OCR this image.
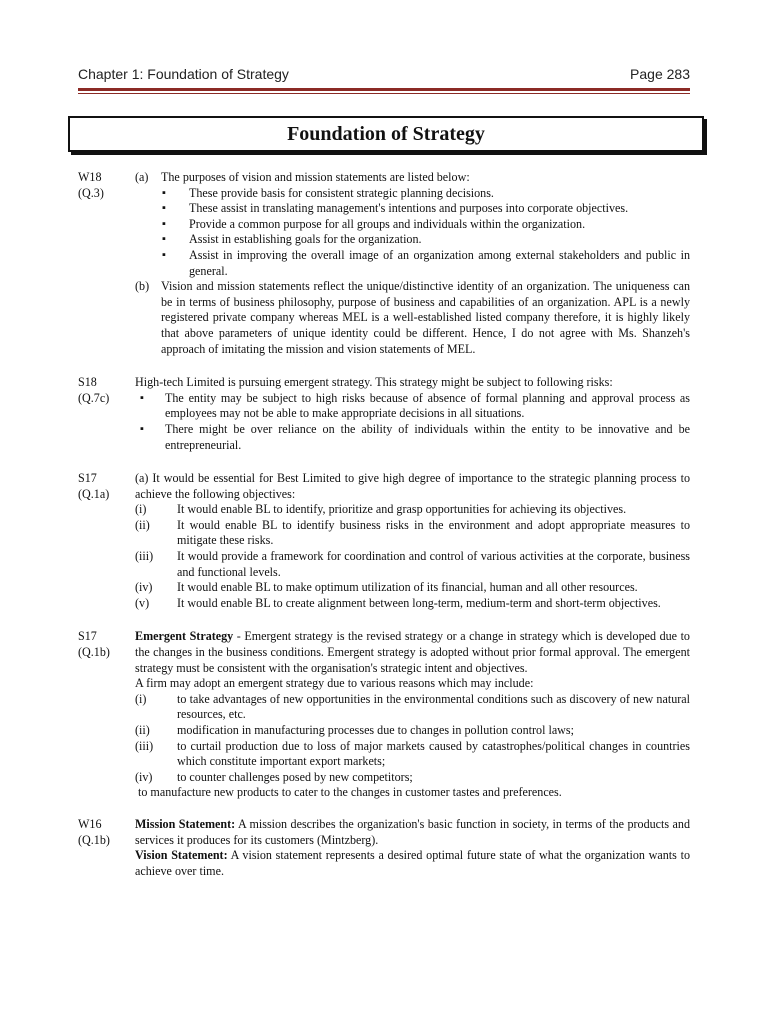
Chapter 1: Foundation of Strategy	Page 283
Foundation of Strategy
W18
(Q.3)
(a)	The purposes of vision and mission statements are listed below:
▪ These provide basis for consistent strategic planning decisions.
▪ These assist in translating management's intentions and purposes into corporate objectives.
▪ Provide a common purpose for all groups and individuals within the organization.
▪ Assist in establishing goals for the organization.
▪ Assist in improving the overall image of an organization among external stakeholders and public in general.
(b) Vision and mission statements reflect the unique/distinctive identity of an organization. The uniqueness can be in terms of business philosophy, purpose of business and capabilities of an organization. APL is a newly registered private company whereas MEL is a well-established listed company therefore, it is highly likely that above parameters of unique identity could be different. Hence, I do not agree with Ms. Shanzeh's approach of imitating the mission and vision statements of MEL.
S18
(Q.7c)

High-tech Limited is pursuing emergent strategy. This strategy might be subject to following risks:

▪ The entity may be subject to high risks because of absence of formal planning and approval process as employees may not be able to make appropriate decisions in all situations.
▪ There might be over reliance on the ability of individuals within the entity to be innovative and be entrepreneurial.
S17
(Q.1a)

(a) It would be essential for Best Limited to give high degree of importance to the strategic planning process to achieve the following objectives:

(i)	It would enable BL to identify, prioritize and grasp opportunities for achieving its objectives.
(ii)	It would enable BL to identify business risks in the environment and adopt appropriate measures to mitigate these risks.
(iii)	It would provide a framework for coordination and control of various activities at the corporate, business and functional levels.
(iv)	It would enable BL to make optimum utilization of its financial, human and all other resources.
(v)	It would enable BL to create alignment between long-term, medium-term and short-term objectives.
S17
(Q.1b)

Emergent Strategy - Emergent strategy is the revised strategy or a change in strategy which is developed due to the changes in the business conditions. Emergent strategy is adopted without prior formal approval. The emergent strategy must be consistent with the organisation's strategic intent and objectives.

A firm may adopt an emergent strategy due to various reasons which may include:

(i)	to take advantages of new opportunities in the environmental conditions such as discovery of new natural resources, etc.
(ii)	modification in manufacturing processes due to changes in pollution control laws;
(iii)	to curtail production due to loss of major markets caused by catastrophes/political changes in countries which constitute important export markets;
(iv)	to counter challenges posed by new competitors;

to manufacture new products to cater to the changes in customer tastes and preferences.

W16
(Q.1b)

Mission Statement: A mission describes the organization's basic function in society, in terms of the products and services it produces for its customers (Mintzberg).

Vision Statement: A vision statement represents a desired optimal future state of what the organization wants to achieve over time.
